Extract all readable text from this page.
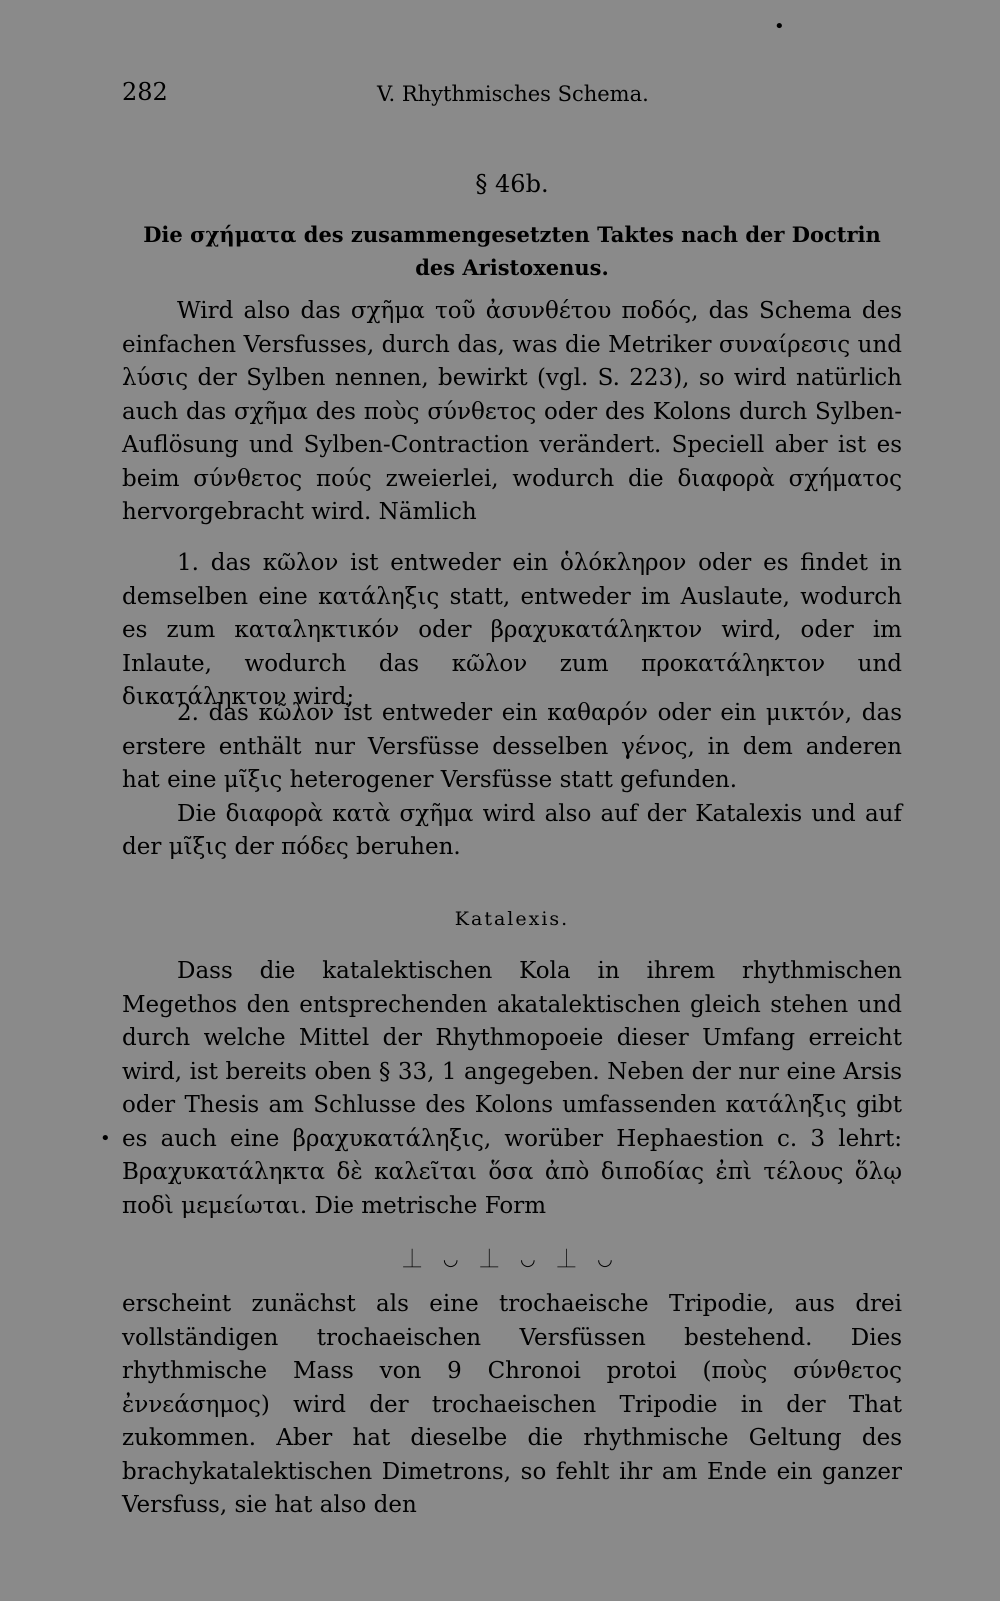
282	V. Rhythmisches Schema.
§ 46b.
Die σχήματα des zusammengesetzten Taktes nach der Doctrin des Aristoxenus.

Wird also das σχῆμα τοῦ ἀσυνθέτου ποδός, das Schema des einfachen Versfusses, durch das, was die Metriker συναίρεσις und λύσις der Sylben nennen, bewirkt (vgl. S. 223), so wird natürlich auch das σχῆμα des ποὺς σύνθετος oder des Kolons durch Sylben-Auflösung und Sylben-Contraction verändert. Speciell aber ist es beim σύνθετος πούς zweierlei, wodurch die διαφορὰ σχήματος hervorgebracht wird. Nämlich

1. das κῶλον ist entweder ein ὁλόκληρον oder es findet in demselben eine κατάληξις statt, entweder im Auslaute, wodurch es zum καταληκτικόν oder βραχυκατάληκτον wird, oder im Inlaute, wodurch das κῶλον zum προκατάληκτον und δικατάληκτον wird;

2. das κῶλον ist entweder ein καθαρόν oder ein μικτόν, das erstere enthält nur Versfüsse desselben γένος, in dem anderen hat eine μῖξις heterogener Versfüsse statt gefunden.

Die διαφορὰ κατὰ σχῆμα wird also auf der Katalexis und auf der μῖξις der πόδες beruhen.

Katalexis.

Dass die katalektischen Kola in ihrem rhythmischen Megethos den entsprechenden akatalektischen gleich stehen und durch welche Mittel der Rhythmopoeie dieser Umfang erreicht wird, ist bereits oben § 33, 1 angegeben. Neben der nur eine Arsis oder Thesis am Schlusse des Kolons umfassenden κατάληξις gibt es auch eine βραχυκατάληξις, worüber Hephaestion c. 3 lehrt: Βραχυκατάληκτα δὲ καλεῖται ὅσα ἀπὸ διποδίας ἐπὶ τέλους ὅλῳ ποδὶ μεμείωται. Die metrische Form

⏊ ◡ ⏊ ◡ ⏊ ◡

erscheint zunächst als eine trochaeische Tripodie, aus drei vollständigen trochaeischen Versfüssen bestehend. Dies rhythmische Mass von 9 Chronoi protoi (ποὺς σύνθετος ἐννεάσημος) wird der trochaeischen Tripodie in der That zukommen. Aber hat dieselbe die rhythmische Geltung des brachykatalektischen Dimetrons, so fehlt ihr am Ende ein ganzer Versfuss, sie hat also den

•
•
